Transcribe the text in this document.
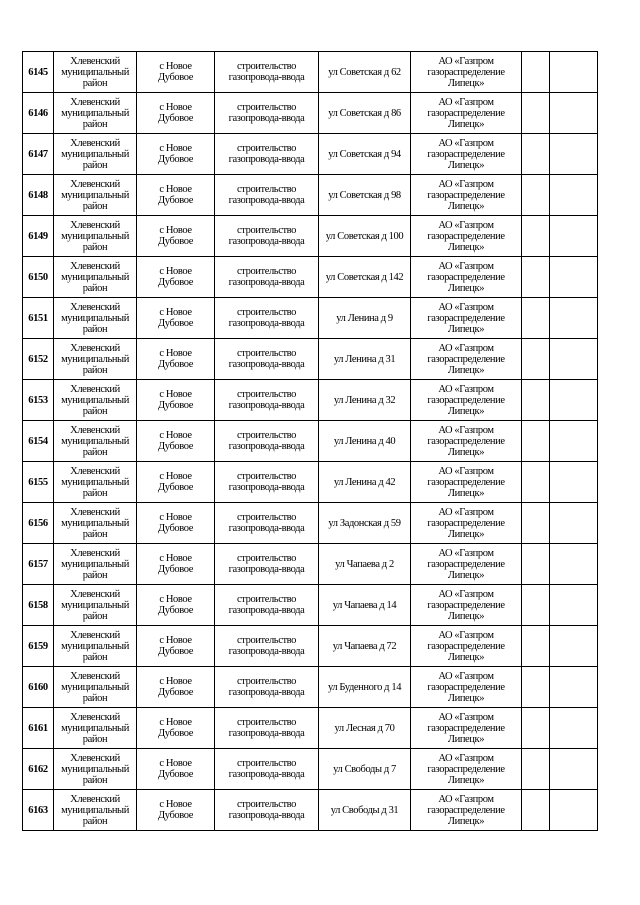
6145	Хлевенский
муниципальный
район	с Новое
Дубовое	строительство
газопровода-ввода	ул Советская д 62	АО «Газпром
газораспределение
Липецк»		

6146	Хлевенский
муниципальный
район	с Новое
Дубовое	строительство
газопровода-ввода	ул Советская д 86	АО «Газпром
газораспределение
Липецк»		

6147	Хлевенский
муниципальный
район	с Новое
Дубовое	строительство
газопровода-ввода	ул Советская д 94	АО «Газпром
газораспределение
Липецк»		

6148	Хлевенский
муниципальный
район	с Новое
Дубовое	строительство
газопровода-ввода	ул Советская д 98	АО «Газпром
газораспределение
Липецк»		

6149	Хлевенский
муниципальный
район	с Новое
Дубовое	строительство
газопровода-ввода	ул Советская д 100	АО «Газпром
газораспределение
Липецк»		

6150	Хлевенский
муниципальный
район	с Новое
Дубовое	строительство
газопровода-ввода	ул Советская д 142	АО «Газпром
газораспределение
Липецк»		

6151	Хлевенский
муниципальный
район	с Новое
Дубовое	строительство
газопровода-ввода	ул Ленина д 9	АО «Газпром
газораспределение
Липецк»		

6152	Хлевенский
муниципальный
район	с Новое
Дубовое	строительство
газопровода-ввода	ул Ленина д 31	АО «Газпром
газораспределение
Липецк»		

6153	Хлевенский
муниципальный
район	с Новое
Дубовое	строительство
газопровода-ввода	ул Ленина д 32	АО «Газпром
газораспределение
Липецк»		

6154	Хлевенский
муниципальный
район	с Новое
Дубовое	строительство
газопровода-ввода	ул Ленина д 40	АО «Газпром
газораспределение
Липецк»		

6155	Хлевенский
муниципальный
район	с Новое
Дубовое	строительство
газопровода-ввода	ул Ленина д 42	АО «Газпром
газораспределение
Липецк»		

6156	Хлевенский
муниципальный
район	с Новое
Дубовое	строительство
газопровода-ввода	ул Задонская д 59	АО «Газпром
газораспределение
Липецк»		

6157	Хлевенский
муниципальный
район	с Новое
Дубовое	строительство
газопровода-ввода	ул Чапаева д 2	АО «Газпром
газораспределение
Липецк»		

6158	Хлевенский
муниципальный
район	с Новое
Дубовое	строительство
газопровода-ввода	ул Чапаева д 14	АО «Газпром
газораспределение
Липецк»		

6159	Хлевенский
муниципальный
район	с Новое
Дубовое	строительство
газопровода-ввода	ул Чапаева д 72	АО «Газпром
газораспределение
Липецк»		

6160	Хлевенский
муниципальный
район	с Новое
Дубовое	строительство
газопровода-ввода	ул Буденного д 14	АО «Газпром
газораспределение
Липецк»		

6161	Хлевенский
муниципальный
район	с Новое
Дубовое	строительство
газопровода-ввода	ул Лесная д 70	АО «Газпром
газораспределение
Липецк»		

6162	Хлевенский
муниципальный
район	с Новое
Дубовое	строительство
газопровода-ввода	ул Свободы д 7	АО «Газпром
газораспределение
Липецк»		

6163	Хлевенский
муниципальный
район	с Новое
Дубовое	строительство
газопровода-ввода	ул Свободы д 31	АО «Газпром
газораспределение
Липецк»		
